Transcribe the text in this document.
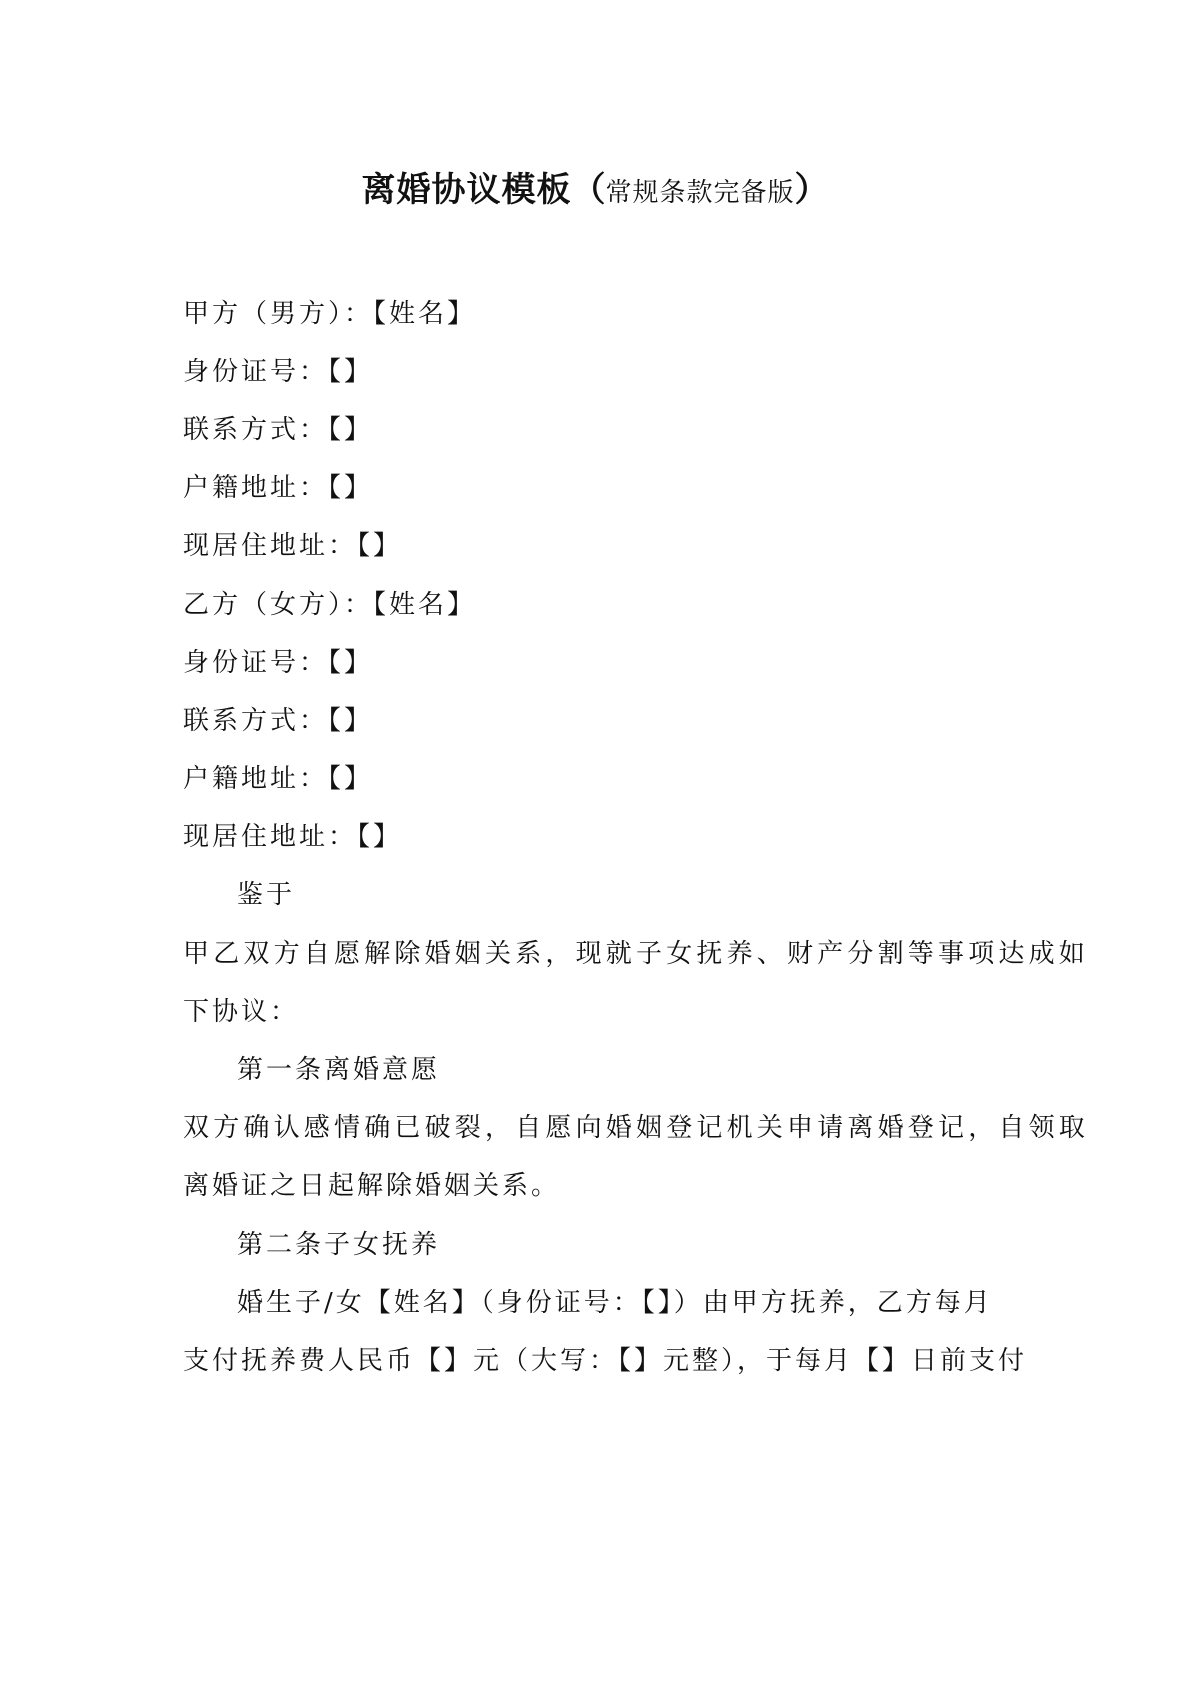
离婚协议模板（常规条款完备版）
甲方（男方）：【姓名】
身份证号：【】
联系方式：【】
户籍地址：【】
现居住地址：【】
乙方（女方）：【姓名】
身份证号：【】
联系方式：【】
户籍地址：【】
现居住地址：【】
鉴于
甲乙双方自愿解除婚姻关系，现就子女抚养、财产分割等事项达成如
下协议：
第一条离婚意愿
双方确认感情确已破裂，自愿向婚姻登记机关申请离婚登记，自领取
离婚证之日起解除婚姻关系。
第二条子女抚养
婚生子/女【姓名】（身份证号：【】）由甲方抚养，乙方每月
支付抚养费人民币【】元（大写：【】元整），于每月【】日前支付
